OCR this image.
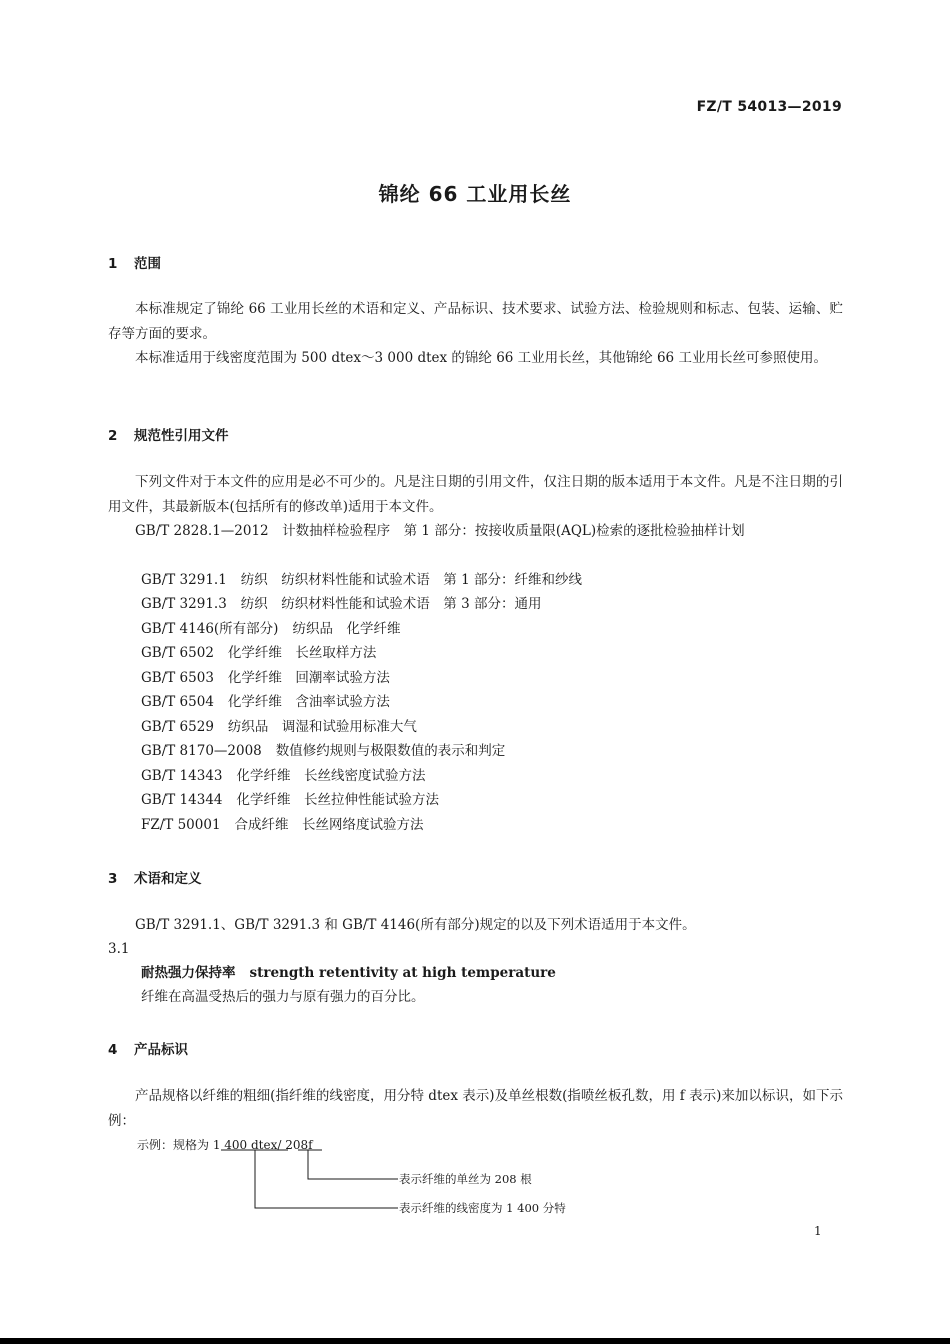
FZ/T 54013—2019
锦纶 66 工业用长丝
1 范围
本标准规定了锦纶 66 工业用长丝的术语和定义、产品标识、技术要求、试验方法、检验规则和标志、包装、运输、贮存等方面的要求。
本标准适用于线密度范围为 500 dtex～3 000 dtex 的锦纶 66 工业用长丝，其他锦纶 66 工业用长丝可参照使用。
2 规范性引用文件
下列文件对于本文件的应用是必不可少的。凡是注日期的引用文件，仅注日期的版本适用于本文件。凡是不注日期的引用文件，其最新版本(包括所有的修改单)适用于本文件。
GB/T 2828.1—2012　计数抽样检验程序　第 1 部分：按接收质量限(AQL)检索的逐批检验抽样计划
GB/T 3291.1 纺织　纺织材料性能和试验术语　第 1 部分：纤维和纱线
GB/T 3291.3 纺织　纺织材料性能和试验术语　第 3 部分：通用
GB/T 4146(所有部分) 纺织品　化学纤维
GB/T 6502 化学纤维　长丝取样方法
GB/T 6503 化学纤维　回潮率试验方法
GB/T 6504 化学纤维　含油率试验方法
GB/T 6529 纺织品　调湿和试验用标准大气
GB/T 8170—2008 数值修约规则与极限数值的表示和判定
GB/T 14343 化学纤维　长丝线密度试验方法
GB/T 14344 化学纤维　长丝拉伸性能试验方法
FZ/T 50001 合成纤维　长丝网络度试验方法
3 术语和定义
GB/T 3291.1、GB/T 3291.3 和 GB/T 4146(所有部分)规定的以及下列术语适用于本文件。
3.1
耐热强力保持率 strength retentivity at high temperature
纤维在高温受热后的强力与原有强力的百分比。
4 产品标识
产品规格以纤维的粗细(指纤维的线密度，用分特 dtex 表示)及单丝根数(指喷丝板孔数，用 f 表示)来加以标识，如下示例：
示例：规格为 1 400 dtex/ 208f
表示纤维的单丝为 208 根
表示纤维的线密度为 1 400 分特
1
